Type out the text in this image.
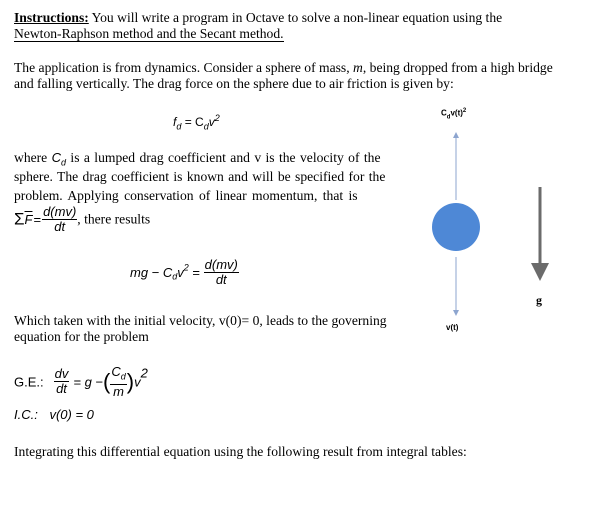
Instructions: You will write a program in Octave to solve a non-linear equation using the
Newton-Raphson method and the Secant method.
The application is from dynamics. Consider a sphere of mass, m, being dropped from a high bridge
and falling vertically. The drag force on the sphere due to air friction is given by:
$f_d = C_dv^2$
where $C_d$ is a lumped drag coefficient and v is the velocity of the
sphere. The drag coefficient is known and will be specified for the
problem. Applying conservation of linear momentum, that is
$\Sigma\overline{F}= \frac{d(mv)}{dt}$ , there results
mg − $C_dv^2 = \frac{d(mv)}{dt}$
Which taken with the initial velocity, v(0)= 0, leads to the governing
equation for the problem
G.E.: $\frac{dv}{dt} = g$ −( $\frac{C_d}{m} )v^2$
I.C.: v(0) = 0
Integrating this differential equation using the following result from integral tables:
$C_dv(t)^2$
v(t)
g
